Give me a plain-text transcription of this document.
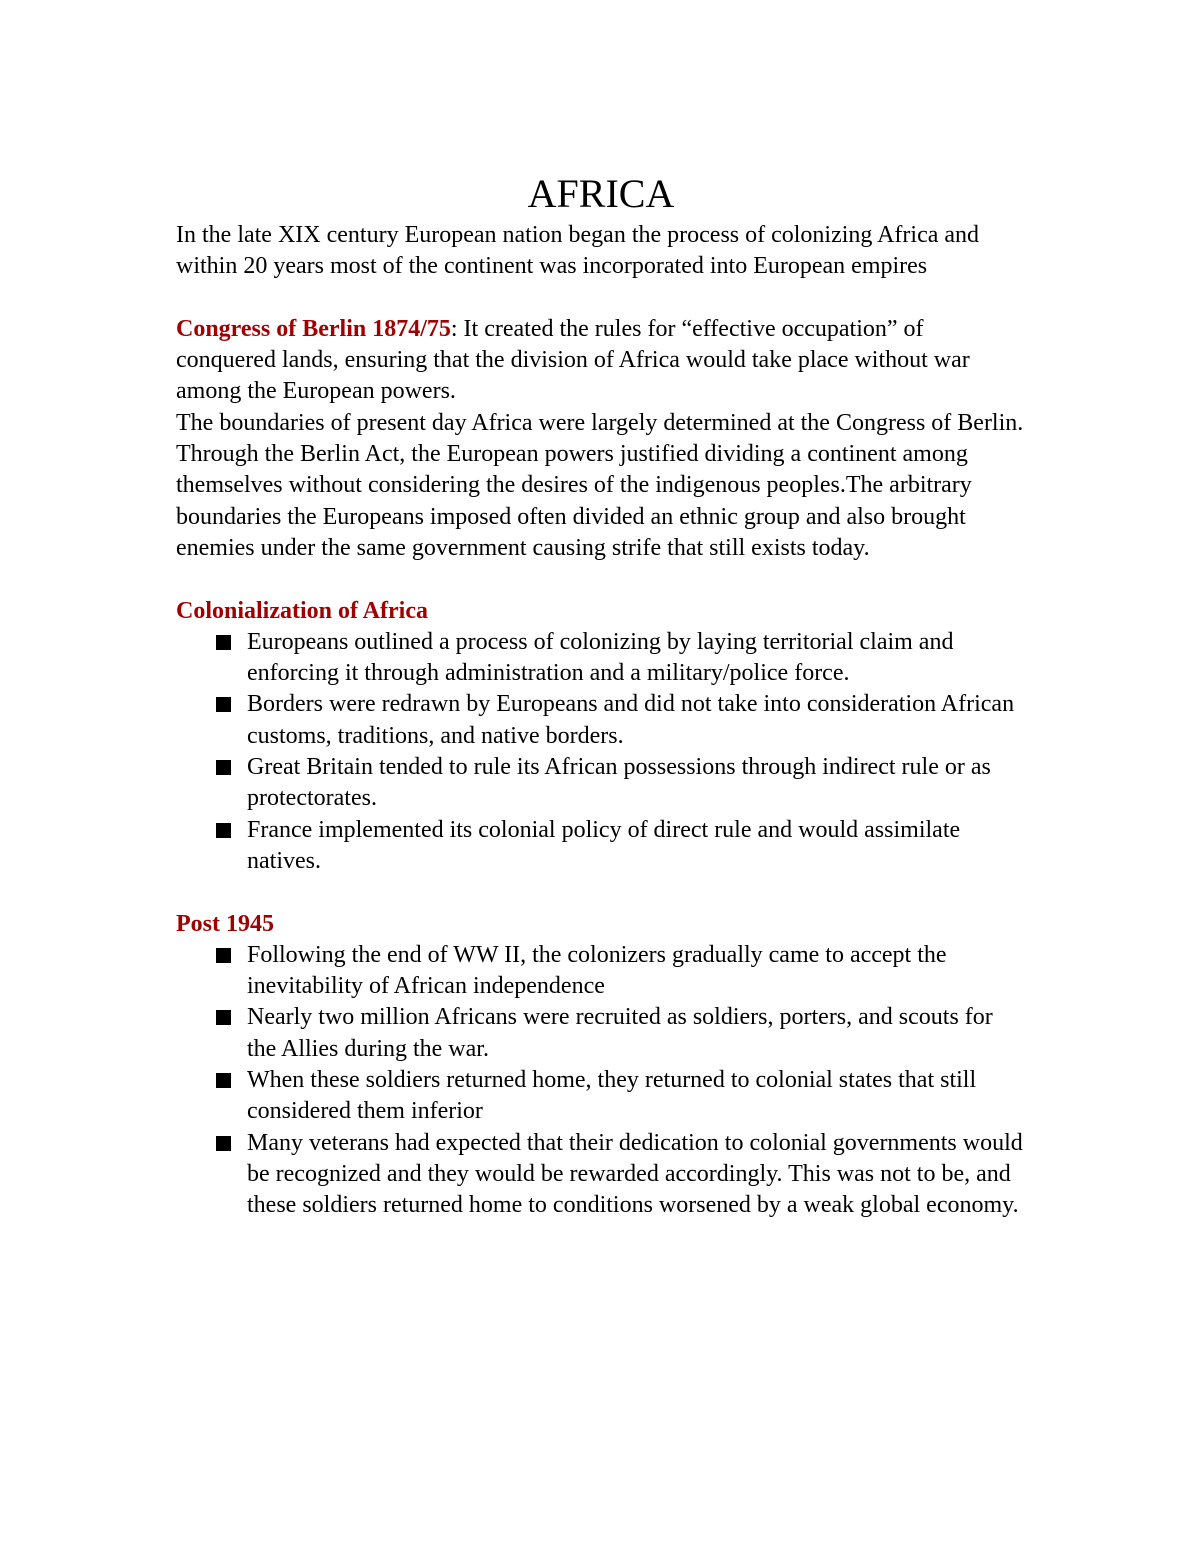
AFRICA

In the late XIX century European nation began the process of colonizing Africa and within 20 years most of the continent was incorporated into European empires

Congress of Berlin 1874/75: It created the rules for “effective occupation” of conquered lands, ensuring that the division of Africa would take place without war among the European powers.

The boundaries of present day Africa were largely determined at the Congress of Berlin.

Through the Berlin Act, the European powers justified dividing a continent among themselves without considering the desires of the indigenous peoples.The arbitrary boundaries the Europeans imposed often divided an ethnic group and also brought enemies under the same government causing strife that still exists today.

Colonialization of Africa

Europeans outlined a process of colonizing by laying territorial claim and enforcing it through administration and a military/police force.
Borders were redrawn by Europeans and did not take into consideration African customs, traditions, and native borders.
Great Britain tended to rule its African possessions through indirect rule or as protectorates.
France implemented its colonial policy of direct rule and would assimilate natives.

Post 1945

Following the end of WW II, the colonizers gradually came to accept the inevitability of African independence
Nearly two million Africans were recruited as soldiers, porters, and scouts for the Allies during the war.
When these soldiers returned home, they returned to colonial states that still considered them inferior
Many veterans had expected that their dedication to colonial governments would be recognized and they would be rewarded accordingly. This was not to be, and these soldiers returned home to conditions worsened by a weak global economy.
